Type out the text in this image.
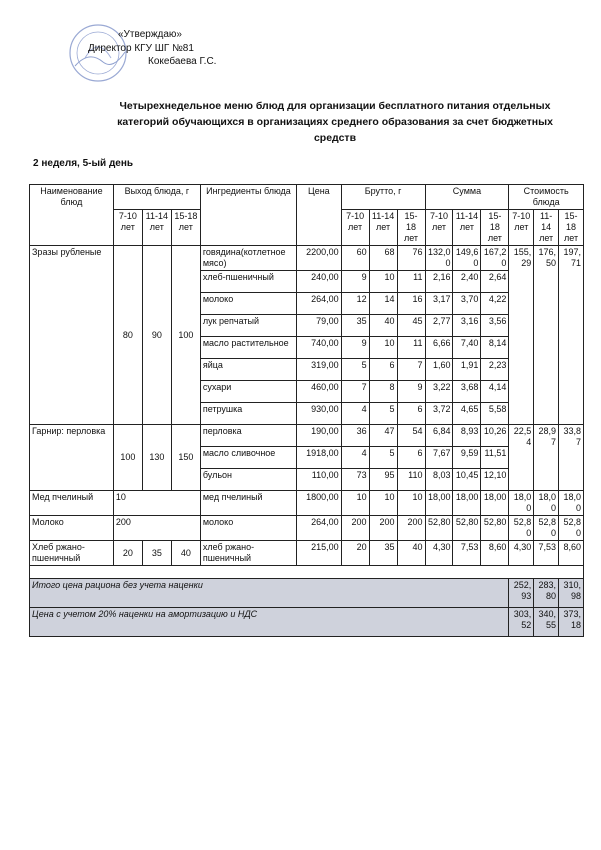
«Утверждаю»
Директор КГУ ШГ №81
Кокебаева Г.С.
Четырехнедельное меню блюд для организации бесплатного питания отдельных категорий обучающихся в организациях среднего образования за счет бюджетных средств
2 неделя, 5-ый день
Наименование блюд	Выход блюда, г			Ингредиенты блюда	Цена	Брутто, г			Сумма			Стоимость блюда		
	7-10 лет	11-14 лет	15-18 лет			7-10 лет	11-14 лет	15-18 лет	7-10 лет	11-14 лет	15-18 лет	7-10 лет	11-14 лет	15-18 лет
Зразы рубленые	80	90	100	говядина(котлетное мясо)	2200,00	60	68	76	132,00	149,60	167,20	155,29	176,50	197,71
				хлеб-пшеничный	240,00	9	10	11	2,16	2,40	2,64			
				молоко	264,00	12	14	16	3,17	3,70	4,22			
				лук репчатый	79,00	35	40	45	2,77	3,16	3,56			
				масло растительное	740,00	9	10	11	6,66	7,40	8,14			
				яйца	319,00	5	6	7	1,60	1,91	2,23			
				сухари	460,00	7	8	9	3,22	3,68	4,14			
				петрушка	930,00	4	5	6	3,72	4,65	5,58			
Гарнир: перловка	100	130	150	перловка	190,00	36	47	54	6,84	8,93	10,26	22,54	28,97	33,87
				масло сливочное	1918,00	4	5	6	7,67	9,59	11,51			
				бульон	110,00	73	95	110	8,03	10,45	12,10			
Мед пчелиный	10			мед пчелиный	1800,00	10	10	10	18,00	18,00	18,00	18,00	18,00	18,00
Молоко	200			молоко	264,00	200	200	200	52,80	52,80	52,80	52,80	52,80	52,80
Хлеб ржано-пшеничный	20	35	40	хлеб ржано-пшеничный	215,00	20	35	40	4,30	7,53	8,60	4,30	7,53	8,60

Итого цена рациона без учета наценки												252,93	283,80	310,98
Цена с учетом 20% наценки на амортизацию и НДС												303,52	340,55	373,18
